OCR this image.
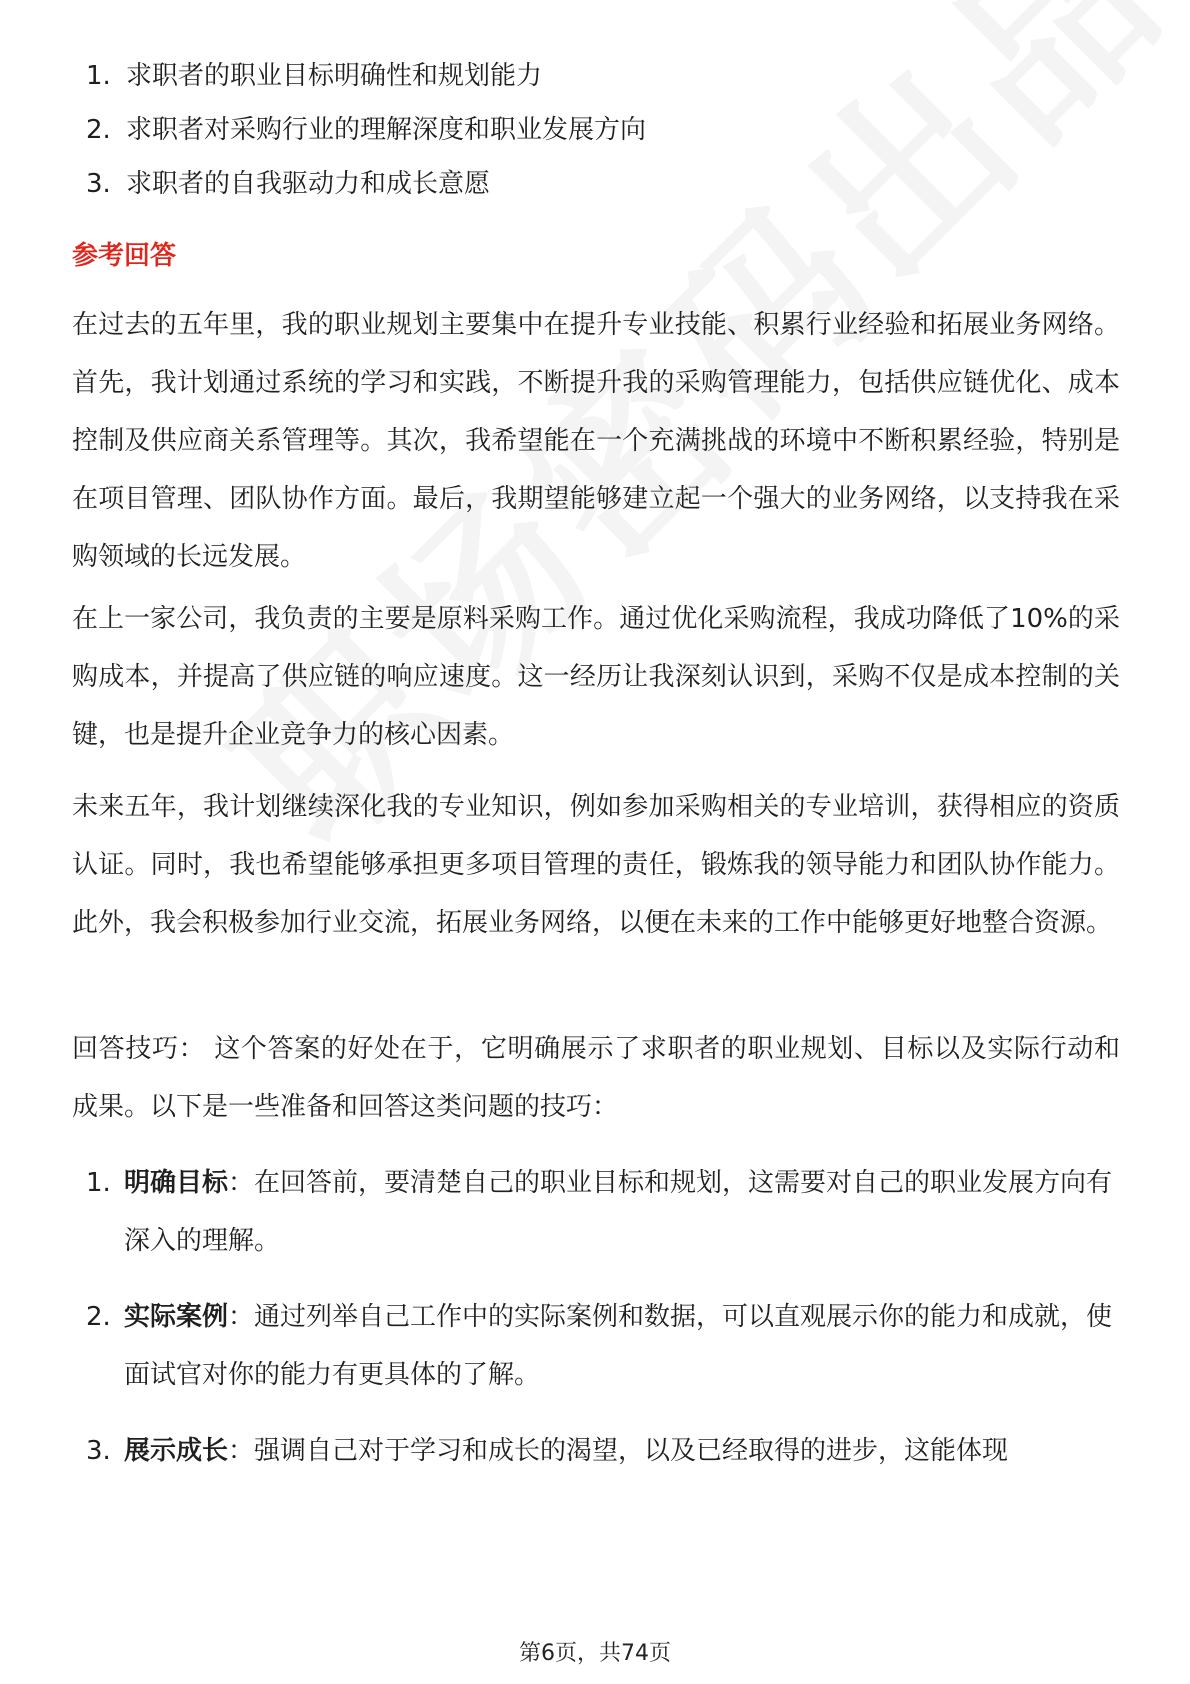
1. 求职者的职业目标明确性和规划能力
2. 求职者对采购行业的理解深度和职业发展方向
3. 求职者的自我驱动力和成长意愿
参考回答

在过去的五年里，我的职业规划主要集中在提升专业技能、积累行业经验和拓展业务网络。首先，我计划通过系统的学习和实践，不断提升我的采购管理能力，包括供应链优化、成本控制及供应商关系管理等。其次，我希望能在一个充满挑战的环境中不断积累经验，特别是在项目管理、团队协作方面。最后，我期望能够建立起一个强大的业务网络，以支持我在采购领域的长远发展。

在上一家公司，我负责的主要是原料采购工作。通过优化采购流程，我成功降低了10%的采购成本，并提高了供应链的响应速度。这一经历让我深刻认识到，采购不仅是成本控制的关键，也是提升企业竞争力的核心因素。

未来五年，我计划继续深化我的专业知识，例如参加采购相关的专业培训，获得相应的资质认证。同时，我也希望能够承担更多项目管理的责任，锻炼我的领导能力和团队协作能力。此外，我会积极参加行业交流，拓展业务网络，以便在未来的工作中能够更好地整合资源。

回答技巧： 这个答案的好处在于，它明确展示了求职者的职业规划、目标以及实际行动和成果。以下是一些准备和回答这类问题的技巧：

1. 明确目标：在回答前，要清楚自己的职业目标和规划，这需要对自己的职业发展方向有深入的理解。
2. 实际案例：通过列举自己工作中的实际案例和数据，可以直观展示你的能力和成就，使面试官对你的能力有更具体的了解。
3. 展示成长：强调自己对于学习和成长的渴望，以及已经取得的进步，这能体现
第6页，共74页
